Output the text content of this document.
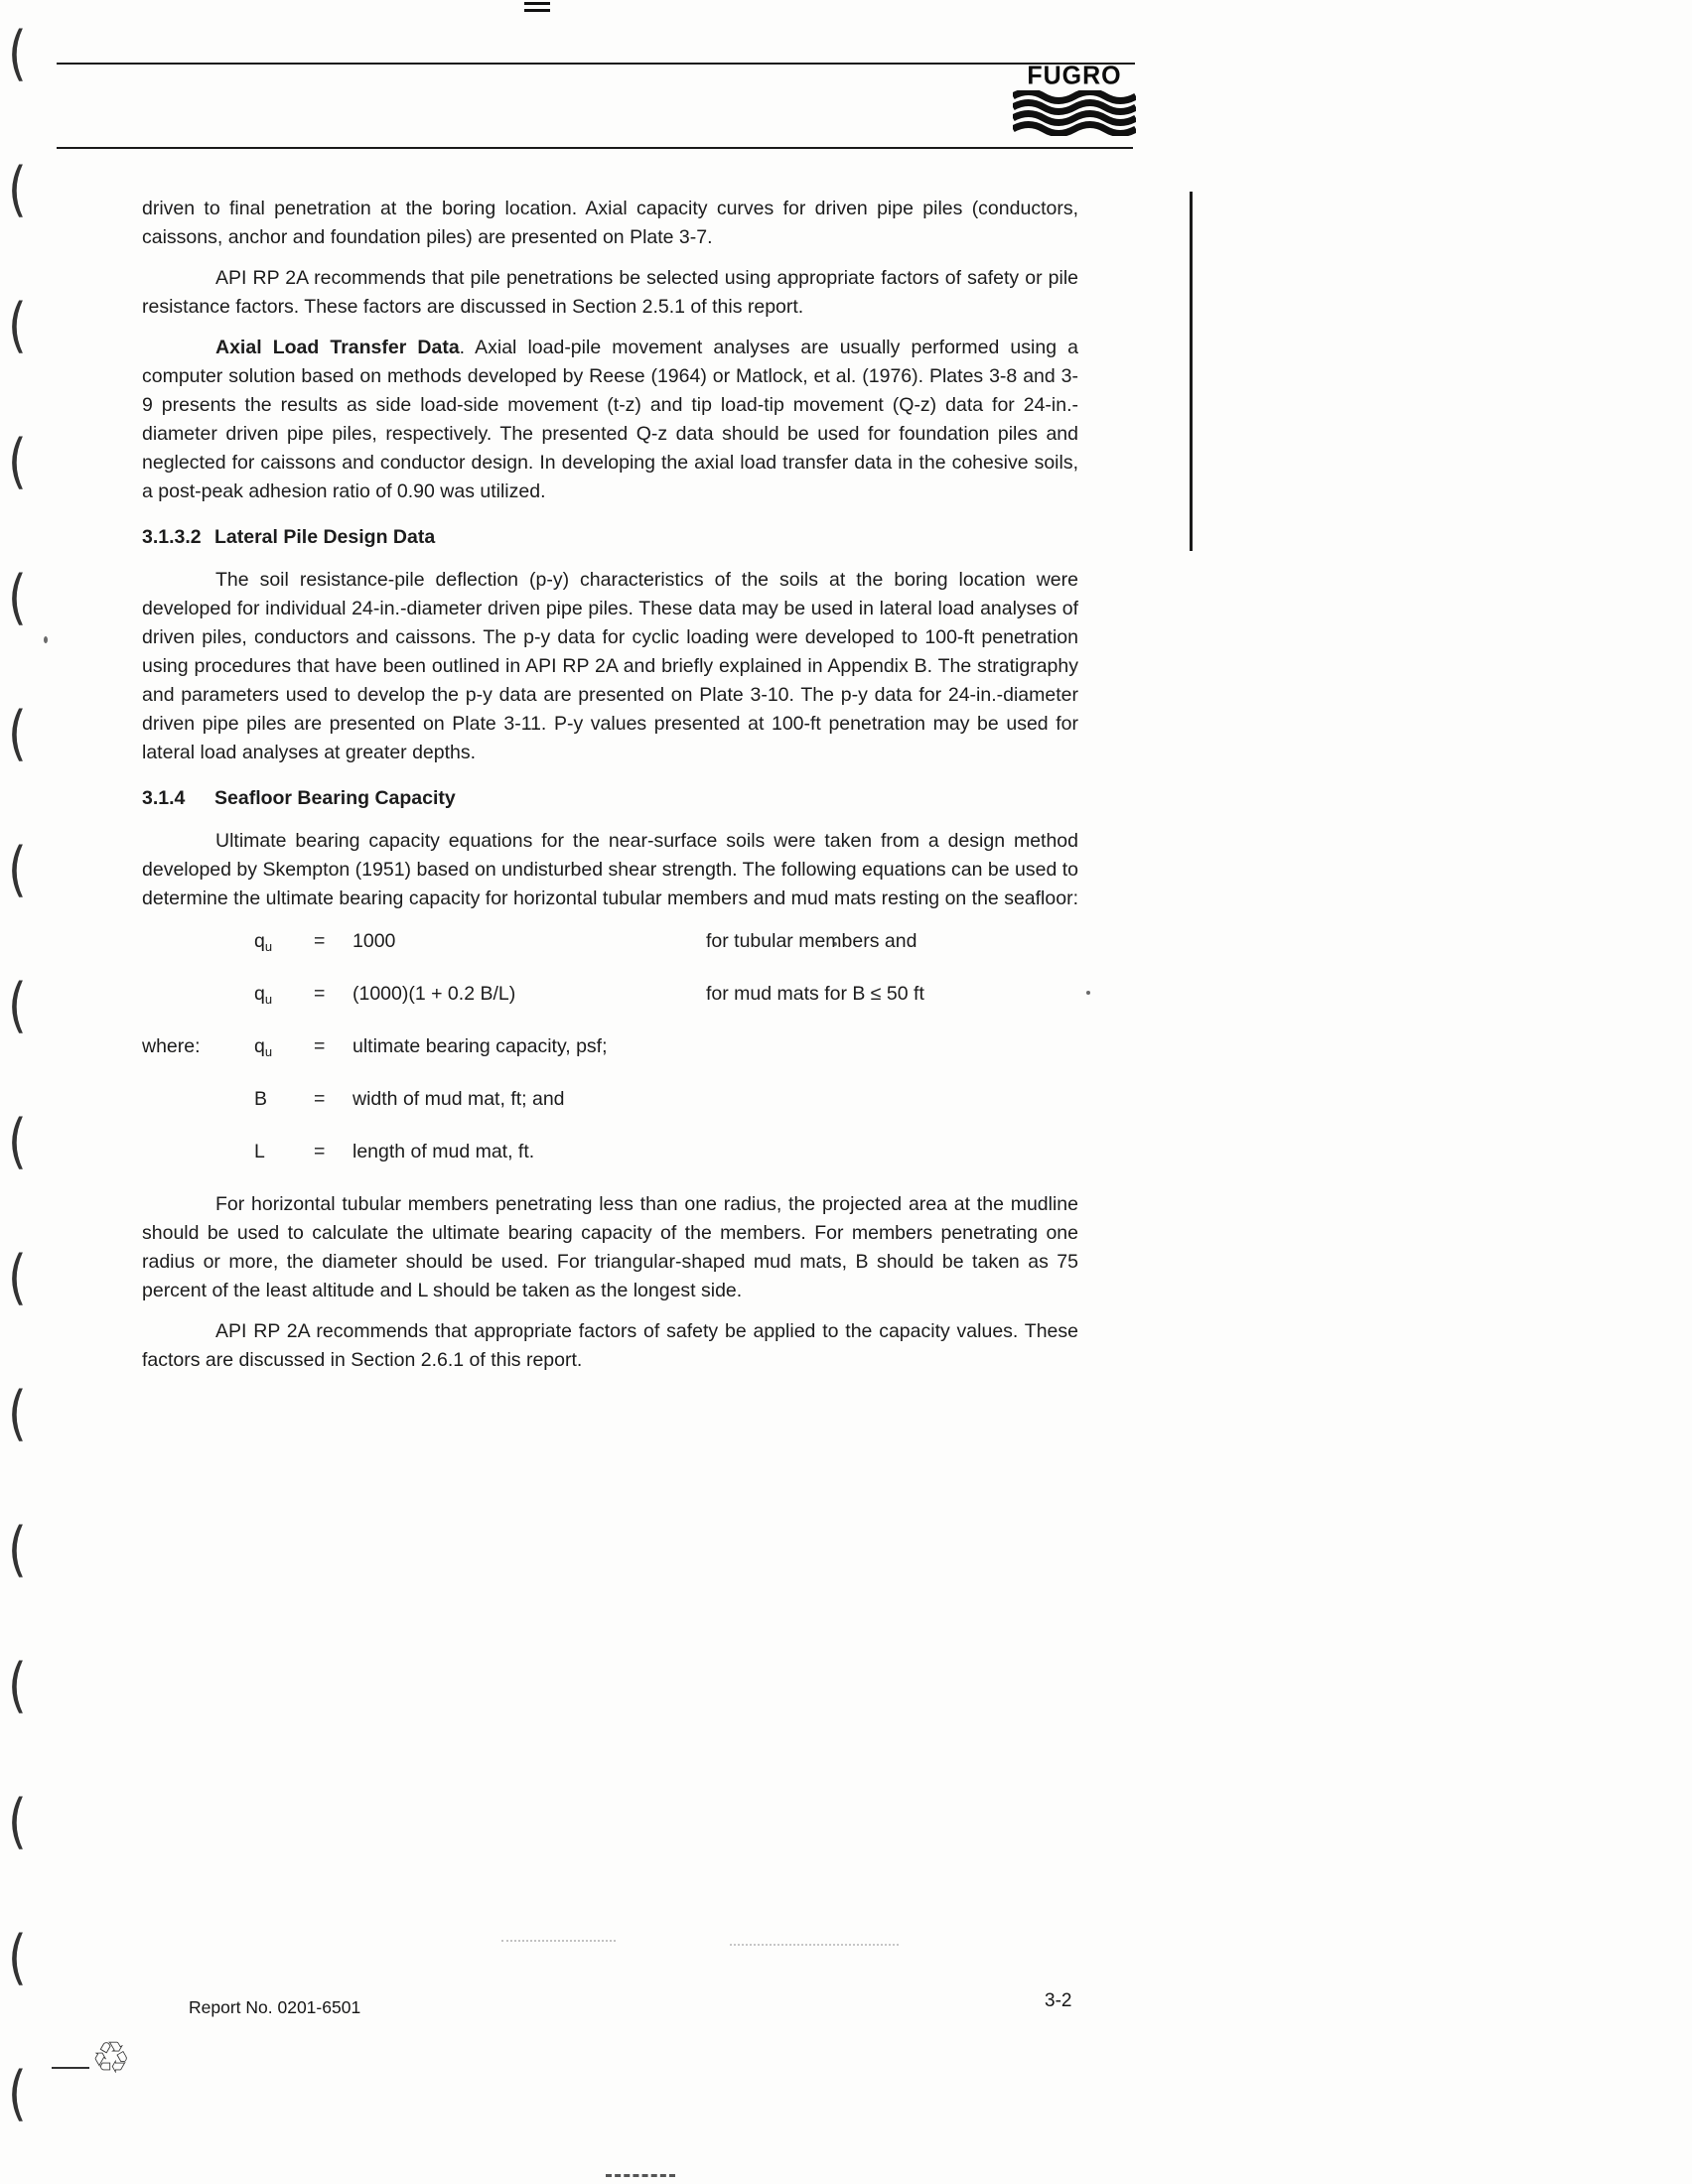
(
(
(
(
(
(
(
(
(
(
(
(
(
(
(
(
FUGRO

driven to final penetration at the boring location. Axial capacity curves for driven pipe piles (conductors, caissons, anchor and foundation piles) are presented on Plate 3-7.

API RP 2A recommends that pile penetrations be selected using appropriate factors of safety or pile resistance factors. These factors are discussed in Section 2.5.1 of this report.

Axial Load Transfer Data. Axial load-pile movement analyses are usually performed using a computer solution based on methods developed by Reese (1964) or Matlock, et al. (1976). Plates 3-8 and 3-9 presents the results as side load-side movement (t-z) and tip load-tip movement (Q-z) data for 24-in.-diameter driven pipe piles, respectively. The presented Q-z data should be used for foundation piles and neglected for caissons and conductor design. In developing the axial load transfer data in the cohesive soils, a post-peak adhesion ratio of 0.90 was utilized.

3.1.3.2 Lateral Pile Design Data

The soil resistance-pile deflection (p-y) characteristics of the soils at the boring location were developed for individual 24-in.-diameter driven pipe piles. These data may be used in lateral load analyses of driven piles, conductors and caissons. The p-y data for cyclic loading were developed to 100-ft penetration using procedures that have been outlined in API RP 2A and briefly explained in Appendix B. The stratigraphy and parameters used to develop the p-y data are presented on Plate 3-10. The p-y data for 24-in.-diameter driven pipe piles are presented on Plate 3-11. P-y values presented at 100-ft penetration may be used for lateral load analyses at greater depths.

3.1.4 Seafloor Bearing Capacity

Ultimate bearing capacity equations for the near-surface soils were taken from a design method developed by Skempton (1951) based on undisturbed shear strength. The following equations can be used to determine the ultimate bearing capacity for horizontal tubular members and mud mats resting on the seafloor:

$q_u$	=	1000	for tubular members and
$q_u$	=	(1000)(1 + 0.2 B/L)	for mud mats for B ≤ 50 ft
where:	$q_u$	=	ultimate bearing capacity, psf;
B	=	width of mud mat, ft; and
L	=	length of mud mat, ft.

For horizontal tubular members penetrating less than one radius, the projected area at the mudline should be used to calculate the ultimate bearing capacity of the members. For members penetrating one radius or more, the diameter should be used. For triangular-shaped mud mats, B should be taken as 75 percent of the least altitude and L should be taken as the longest side.

API RP 2A recommends that appropriate factors of safety be applied to the capacity values. These factors are discussed in Section 2.6.1 of this report.

Report No. 0201-6501	3-2
♲
